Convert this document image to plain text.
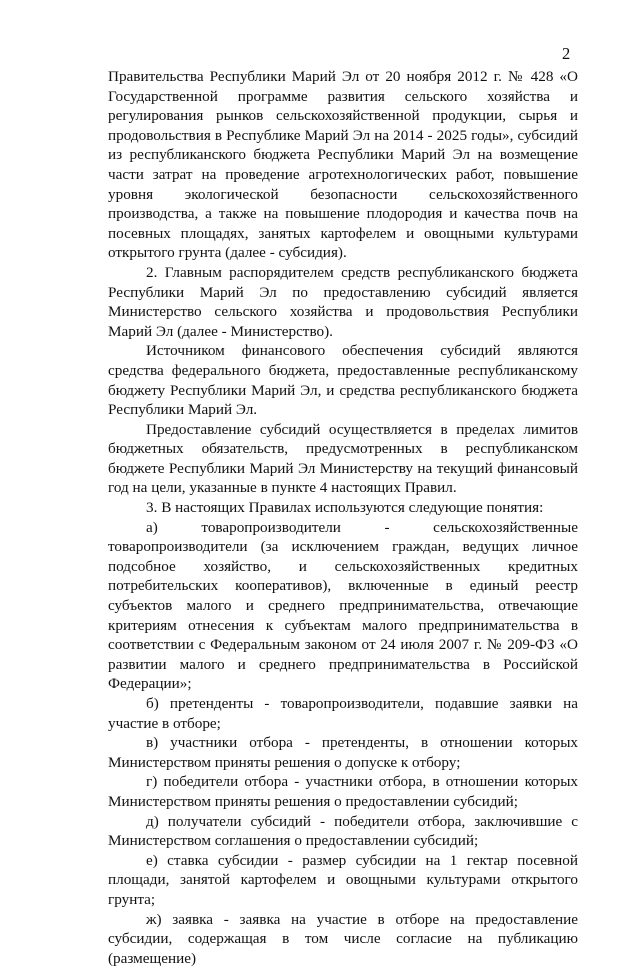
2

Правительства Республики Марий Эл от 20 ноября 2012 г. № 428 «О Государственной программе развития сельского хозяйства и регулирования рынков сельскохозяйственной продукции, сырья и продовольствия в Республике Марий Эл на 2014 - 2025 годы», субсидий из республиканского бюджета Республики Марий Эл на возмещение части затрат на проведение агротехнологических работ, повышение уровня экологической безопасности сельскохозяйственного производства, а также на повышение плодородия и качества почв на посевных площадях, занятых картофелем и овощными культурами открытого грунта (далее - субсидия).

2. Главным распорядителем средств республиканского бюджета Республики Марий Эл по предоставлению субсидий является Министерство сельского хозяйства и продовольствия Республики Марий Эл (далее - Министерство).

Источником финансового обеспечения субсидий являются средства федерального бюджета, предоставленные республиканскому бюджету Республики Марий Эл, и средства республиканского бюджета Республики Марий Эл.

Предоставление субсидий осуществляется в пределах лимитов бюджетных обязательств, предусмотренных в республиканском бюджете Республики Марий Эл Министерству на текущий финансовый год на цели, указанные в пункте 4 настоящих Правил.

3. В настоящих Правилах используются следующие понятия:

а) товаропроизводители - сельскохозяйственные товаропроизводители (за исключением граждан, ведущих личное подсобное хозяйство, и сельскохозяйственных кредитных потребительских кооперативов), включенные в единый реестр субъектов малого и среднего предпринимательства, отвечающие критериям отнесения к субъектам малого предпринимательства в соответствии с Федеральным законом от 24 июля 2007 г. № 209-ФЗ «О развитии малого и среднего предпринимательства в Российской Федерации»;

б) претенденты - товаропроизводители, подавшие заявки на участие в отборе;

в) участники отбора - претенденты, в отношении которых Министерством приняты решения о допуске к отбору;

г) победители отбора - участники отбора, в отношении которых Министерством приняты решения о предоставлении субсидий;

д) получатели субсидий - победители отбора, заключившие с Министерством соглашения о предоставлении субсидий;

е) ставка субсидии - размер субсидии на 1 гектар посевной площади, занятой картофелем и овощными культурами открытого грунта;

ж) заявка - заявка на участие в отборе на предоставление субсидии, содержащая в том числе согласие на публикацию (размещение)
